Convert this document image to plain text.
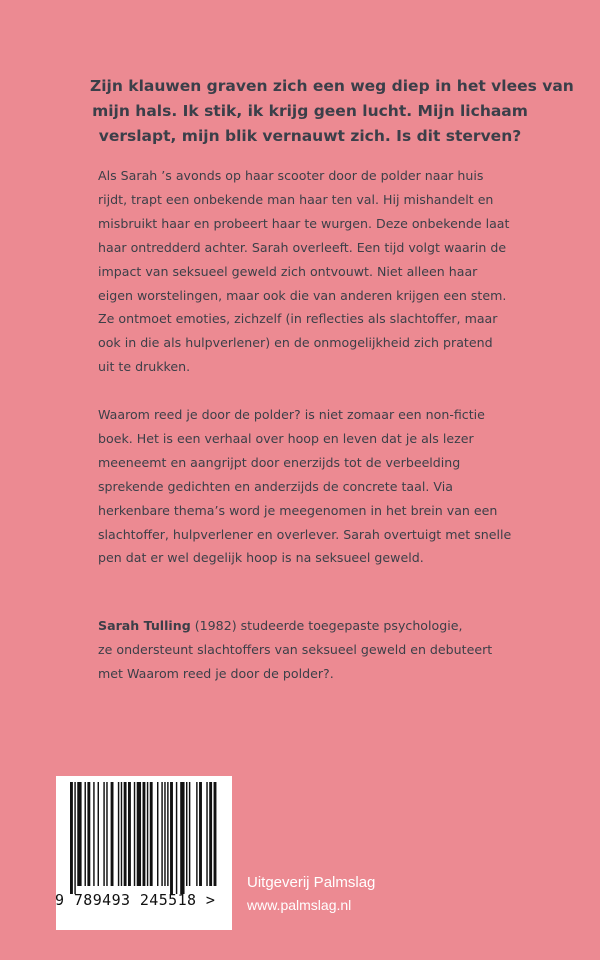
Zijn klauwen graven zich een weg diep in het vlees van
mijn hals. Ik stik, ik krijg geen lucht. Mijn lichaam
verslapt, mijn blik vernauwt zich. Is dit sterven?
Als Sarah ’s avonds op haar scooter door de polder naar huis
rijdt, trapt een onbekende man haar ten val. Hij mishandelt en
misbruikt haar en probeert haar te wurgen. Deze onbekende laat
haar ontredderd achter. Sarah overleeft. Een tijd volgt waarin de
impact van seksueel geweld zich ontvouwt. Niet alleen haar
eigen worstelingen, maar ook die van anderen krijgen een stem.
Ze ontmoet emoties, zichzelf (in reflecties als slachtoffer, maar
ook in die als hulpverlener) en de onmogelijkheid zich pratend
uit te drukken.
Waarom reed je door de polder? is niet zomaar een non-fictie
boek. Het is een verhaal over hoop en leven dat je als lezer
meeneemt en aangrijpt door enerzijds tot de verbeelding
sprekende gedichten en anderzijds de concrete taal. Via
herkenbare thema’s word je meegenomen in het brein van een
slachtoffer, hulpverlener en overlever. Sarah overtuigt met snelle
pen dat er wel degelijk hoop is na seksueel geweld.
Sarah Tulling (1982) studeerde toegepaste psychologie,
ze ondersteunt slachtoffers van seksueel geweld en debuteert
met Waarom reed je door de polder?.
9 789493 245518 >
Uitgeverij Palmslag
www.palmslag.nl
